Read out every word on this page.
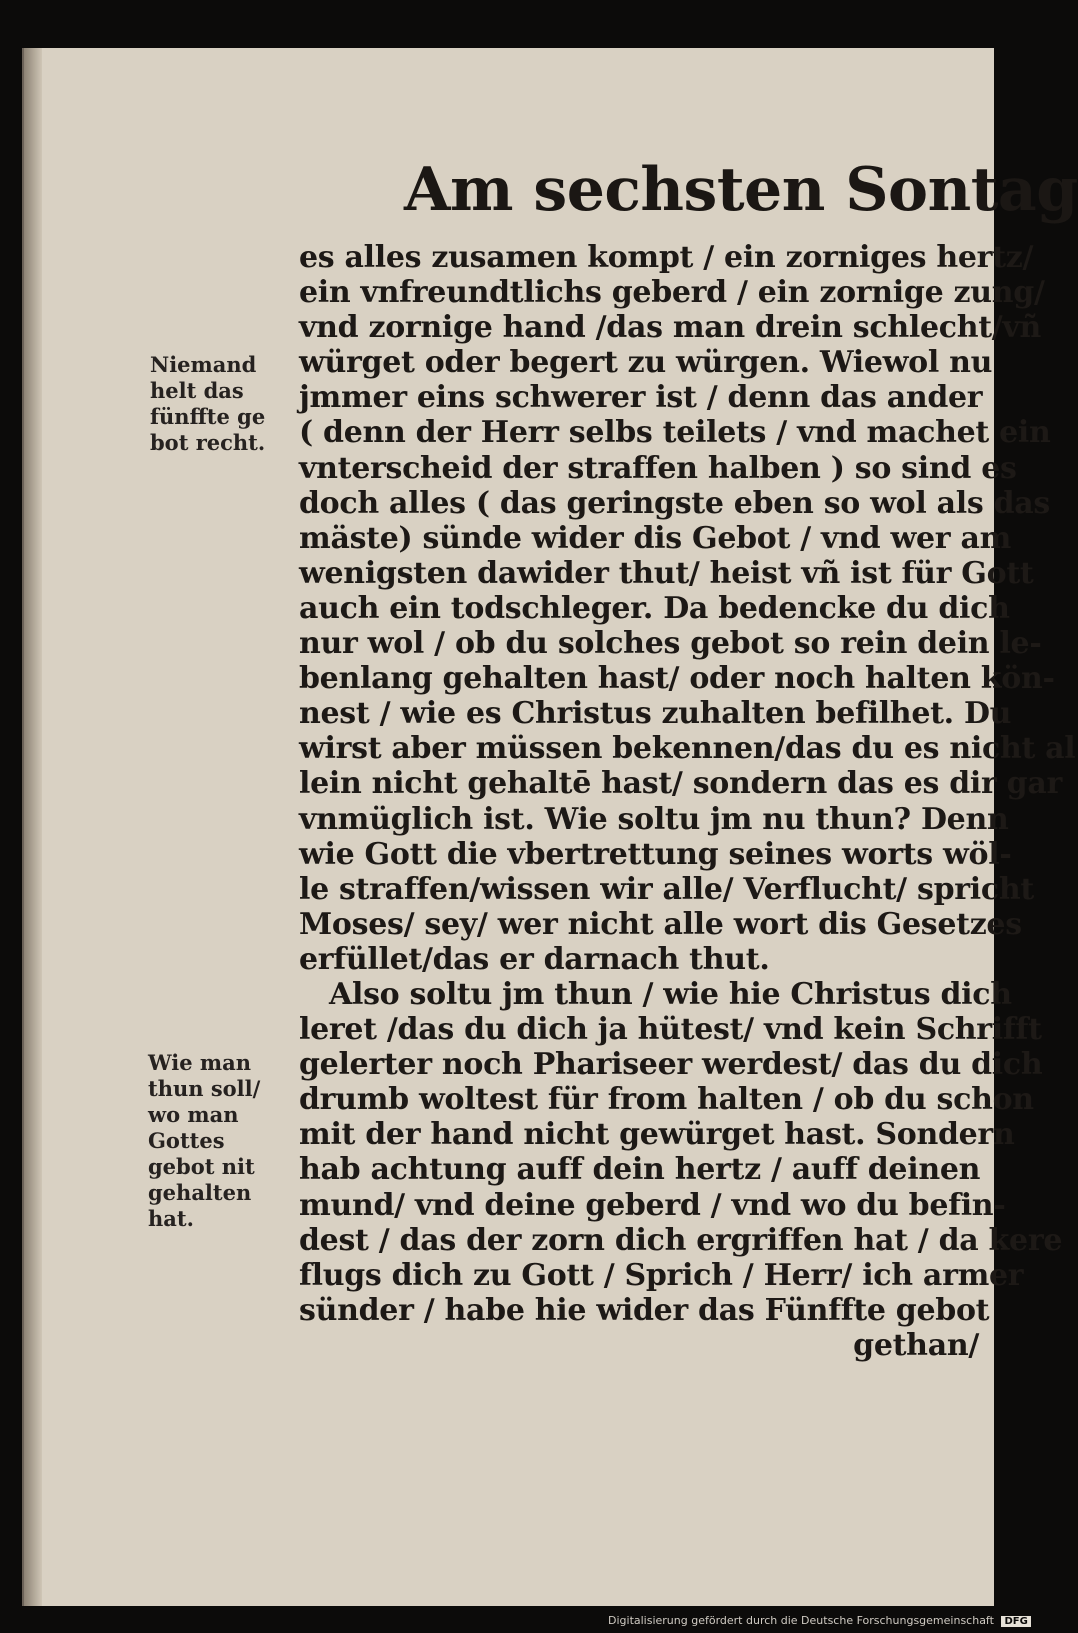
Am sechsten Sontag
Niemand
helt das
fünffte ge
bot recht.
Wie man
thun soll/
wo man
Gottes
gebot nit
gehalten
hat.
es alles zusamen kompt / ein zorniges hertz/
ein vnfreundtlichs geberd / ein zornige zung/
vnd zornige hand /das man drein schlecht/vñ
würget oder begert zu würgen. Wiewol nu
jmmer eins schwerer ist / denn das ander
( denn der Herr selbs teilets / vnd machet ein
vnterscheid der straffen halben ) so sind es
doch alles ( das geringste eben so wol als das
mäste) sünde wider dis Gebot / vnd wer am
wenigsten dawider thut/ heist vñ ist für Gott
auch ein todschleger. Da bedencke du dich
nur wol / ob du solches gebot so rein dein le-
benlang gehalten hast/ oder noch halten kön-
nest / wie es Christus zuhalten befilhet. Du
wirst aber müssen bekennen/das du es nicht al
lein nicht gehaltē hast/ sondern das es dir gar
vnmüglich ist. Wie soltu jm nu thun? Denn
wie Gott die vbertrettung seines worts wöl-
le straffen/wissen wir alle/ Verflucht/ spricht
Moses/ sey/ wer nicht alle wort dis Gesetzes
erfüllet/das er darnach thut.
Also soltu jm thun / wie hie Christus dich
leret /das du dich ja hütest/ vnd kein Schrifft
gelerter noch Phariseer werdest/ das du dich
drumb woltest für from halten / ob du schon
mit der hand nicht gewürget hast. Sondern
hab achtung auff dein hertz / auff deinen
mund/ vnd deine geberd / vnd wo du befin-
dest / das der zorn dich ergriffen hat / da kere
flugs dich zu Gott / Sprich / Herr/ ich armer
sünder / habe hie wider das Fünffte gebot
gethan/
Digitalisierung gefördert durch die Deutsche Forschungsgemeinschaft DFG
